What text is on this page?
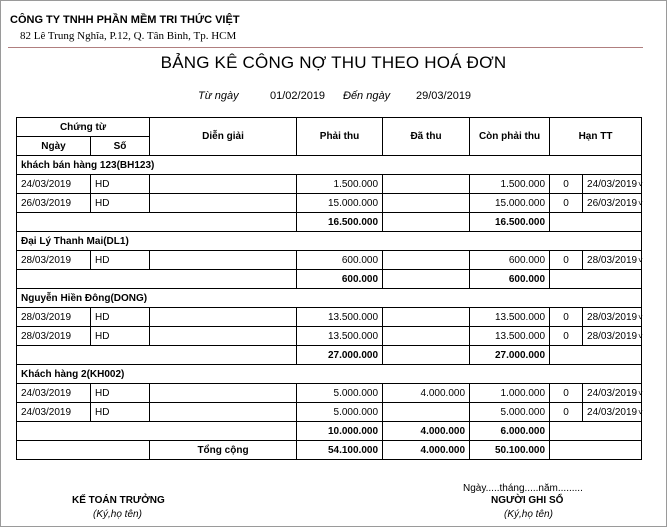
CÔNG TY TNHH PHẦN MỀM TRI THỨC VIỆT
82 Lê Trung Nghĩa, P.12, Q. Tân Bình, Tp. HCM
BẢNG KÊ CÔNG NỢ THU THEO HOÁ ĐƠN
Từ ngày	01/02/2019 Đến ngày 29/03/2019
Chứng từ		Diễn giải	Phải thu	Đã thu	Còn phải thu	Hạn TT	
Ngày	Số						
khách bán hàng 123(BH123)							
24/03/2019	HD		1.500.000		1.500.000	0	24/03/2019˅
26/03/2019	HD		15.000.000		15.000.000	0	26/03/2019˅
			16.500.000		16.500.000		
Đại Lý Thanh Mai(DL1)							
28/03/2019	HD		600.000		600.000	0	28/03/2019˅
			600.000		600.000		
Nguyễn Hiền Đông(DONG)							
28/03/2019	HD		13.500.000		13.500.000	0	28/03/2019˅
28/03/2019	HD		13.500.000		13.500.000	0	28/03/2019˅
			27.000.000		27.000.000		
Khách hàng 2(KH002)							
24/03/2019	HD		5.000.000	4.000.000	1.000.000	0	24/03/2019˅
24/03/2019	HD		5.000.000		5.000.000	0	24/03/2019˅
			10.000.000	4.000.000	6.000.000		
		Tổng cộng	54.100.000	4.000.000	50.100.000		
KẾ TOÁN TRƯỞNG
(Ký,họ tên)
Ngày.....tháng.....năm.........
NGƯỜI GHI SỔ
(Ký,họ tên)
